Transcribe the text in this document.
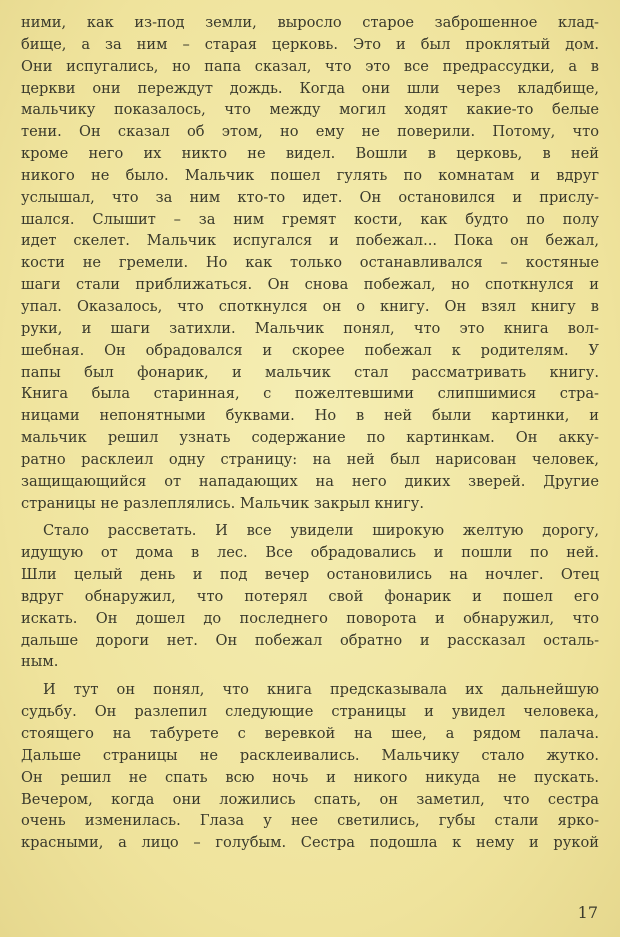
ними, как из-под земли, выросло старое заброшенное клад-
бище, а за ним – старая церковь. Это и был проклятый дом.
Они испугались, но папа сказал, что это все предрассудки, а в
церкви они переждут дождь. Когда они шли через кладбище,
мальчику показалось, что между могил ходят какие-то белые
тени. Он сказал об этом, но ему не поверили. Потому, что
кроме него их никто не видел. Вошли в церковь, в ней
никого не было. Мальчик пошел гулять по комнатам и вдруг
услышал, что за ним кто-то идет. Он остановился и прислу-
шался. Слышит – за ним гремят кости, как будто по полу
идет скелет. Мальчик испугался и побежал... Пока он бежал,
кости не гремели. Но как только останавливался – костяные
шаги стали приближаться. Он снова побежал, но споткнулся и
упал. Оказалось, что споткнулся он о книгу. Он взял книгу в
руки, и шаги затихли. Мальчик понял, что это книга вол-
шебная. Он обрадовался и скорее побежал к родителям. У
папы был фонарик, и мальчик стал рассматривать книгу.
Книга была старинная, с пожелтевшими слипшимися стра-
ницами непонятными буквами. Но в ней были картинки, и
мальчик решил узнать содержание по картинкам. Он акку-
ратно расклеил одну страницу: на ней был нарисован человек,
защищающийся от нападающих на него диких зверей. Другие
страницы не разлеплялись. Мальчик закрыл книгу.
Стало рассветать. И все увидели широкую желтую дорогу,
идущую от дома в лес. Все обрадовались и пошли по ней.
Шли целый день и под вечер остановились на ночлег. Отец
вдруг обнаружил, что потерял свой фонарик и пошел его
искать. Он дошел до последнего поворота и обнаружил, что
дальше дороги нет. Он побежал обратно и рассказал осталь-
ным.
И тут он понял, что книга предсказывала их дальнейшую
судьбу. Он разлепил следующие страницы и увидел человека,
стоящего на табурете с веревкой на шее, а рядом палача.
Дальше страницы не расклеивались. Мальчику стало жутко.
Он решил не спать всю ночь и никого никуда не пускать.
Вечером, когда они ложились спать, он заметил, что сестра
очень изменилась. Глаза у нее светились, губы стали ярко-
красными, а лицо – голубым. Сестра подошла к нему и рукой
17
